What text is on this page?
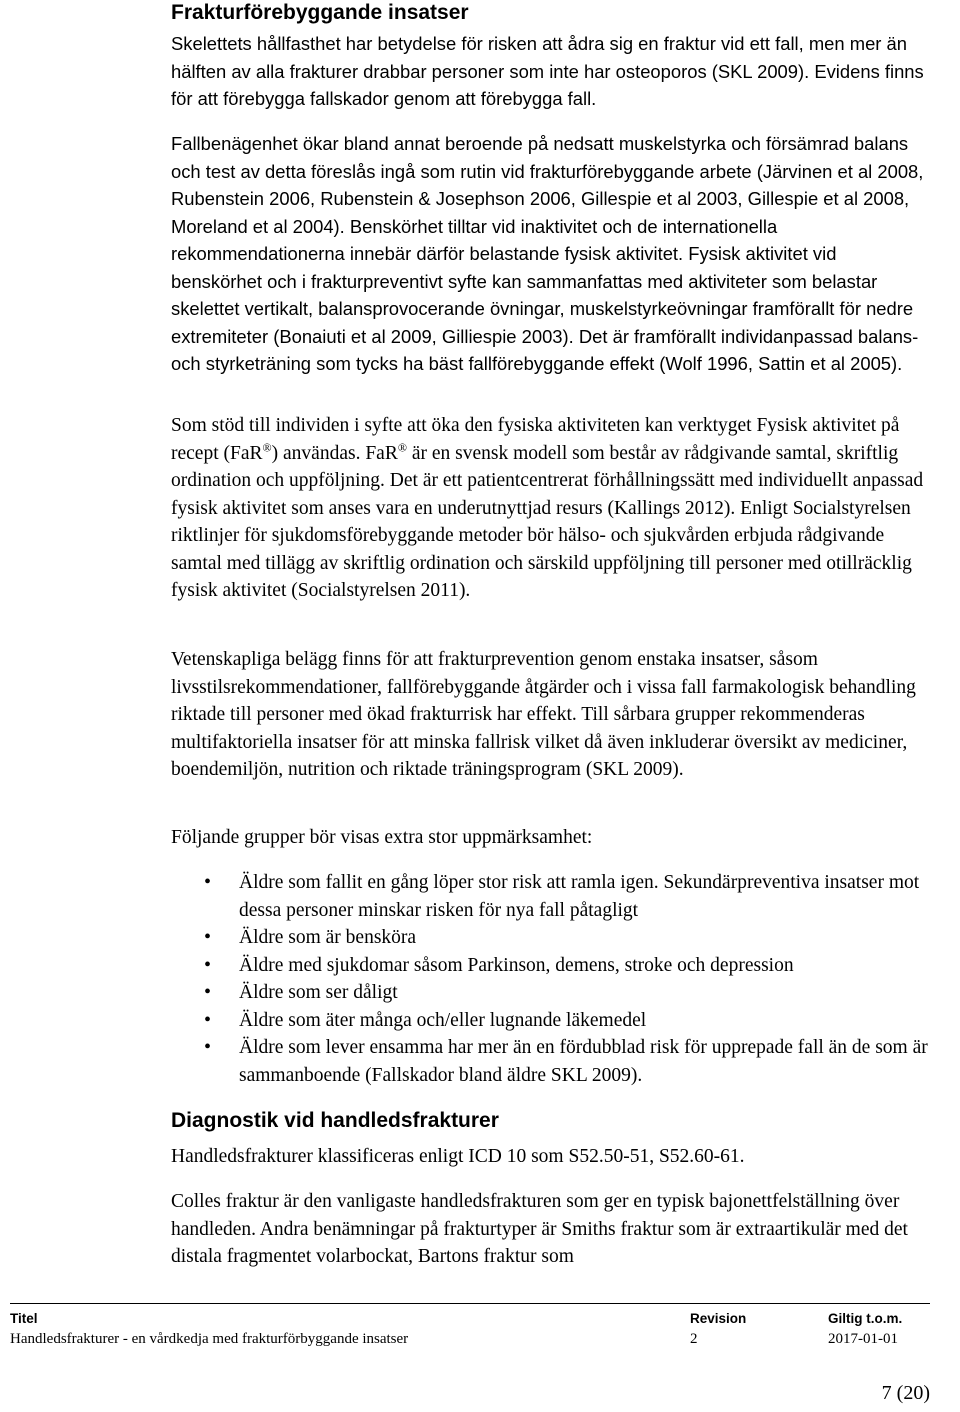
Frakturförebyggande insatser

Skelettets hållfasthet har betydelse för risken att ådra sig en fraktur vid ett fall, men mer än hälften av alla frakturer drabbar personer som inte har osteoporos (SKL 2009). Evidens finns för att förebygga fallskador genom att förebygga fall.

Fallbenägenhet ökar bland annat beroende på nedsatt muskelstyrka och försämrad balans och test av detta föreslås ingå som rutin vid frakturförebyggande arbete (Järvinen et al 2008, Rubenstein 2006, Rubenstein & Josephson 2006, Gillespie et al 2003, Gillespie et al 2008, Moreland et al 2004). Benskörhet tilltar vid inaktivitet och de internationella rekommendationerna innebär därför belastande fysisk aktivitet. Fysisk aktivitet vid benskörhet och i frakturpreventivt syfte kan sammanfattas med aktiviteter som belastar skelettet vertikalt, balansprovocerande övningar, muskelstyrkeövningar framförallt för nedre extremiteter (Bonaiuti et al 2009, Gilliespie 2003). Det är framförallt individanpassad balans- och styrketräning som tycks ha bäst fallförebyggande effekt (Wolf 1996, Sattin et al 2005).

Som stöd till individen i syfte att öka den fysiska aktiviteten kan verktyget Fysisk aktivitet på recept (FaR®) användas. FaR® är en svensk modell som består av rådgivande samtal, skriftlig ordination och uppföljning. Det är ett patientcentrerat förhållningssätt med individuellt anpassad fysisk aktivitet som anses vara en underutnyttjad resurs (Kallings 2012). Enligt Socialstyrelsen riktlinjer för sjukdomsförebyggande metoder bör hälso- och sjukvården erbjuda rådgivande samtal med tillägg av skriftlig ordination och särskild uppföljning till personer med otillräcklig fysisk aktivitet (Socialstyrelsen 2011).

Vetenskapliga belägg finns för att frakturprevention genom enstaka insatser, såsom livsstilsrekommendationer, fallförebyggande åtgärder och i vissa fall farmakologisk behandling riktade till personer med ökad frakturrisk har effekt. Till sårbara grupper rekommenderas multifaktoriella insatser för att minska fallrisk vilket då även inkluderar översikt av mediciner, boendemiljön, nutrition och riktade träningsprogram (SKL 2009).

Följande grupper bör visas extra stor uppmärksamhet:

• Äldre som fallit en gång löper stor risk att ramla igen. Sekundärpreventiva insatser mot dessa personer minskar risken för nya fall påtagligt
• Äldre som är benskörа
• Äldre med sjukdomar såsom Parkinson, demens, stroke och depression
• Äldre som ser dåligt
• Äldre som äter många och/eller lugnande läkemedel
• Äldre som lever ensamma har mer än en fördubblad risk för upprepade fall än de som är sammanboende (Fallskador bland äldre SKL 2009).
Diagnostik vid handledsfrakturer

Handledsfrakturer klassificeras enligt ICD 10 som S52.50-51, S52.60-61.

Colles fraktur är den vanligaste handledsfrakturen som ger en typisk bajonettfelställning över handleden. Andra benämningar på frakturtyper är Smiths fraktur som är extraartikulär med det distala fragmentet volarbockat, Bartons fraktur som

Titel
Handledsfrakturer - en vårdkedja med frakturförbyggande insatser
Revision
2
Giltig t.o.m.
2017-01-01
7 (20)
